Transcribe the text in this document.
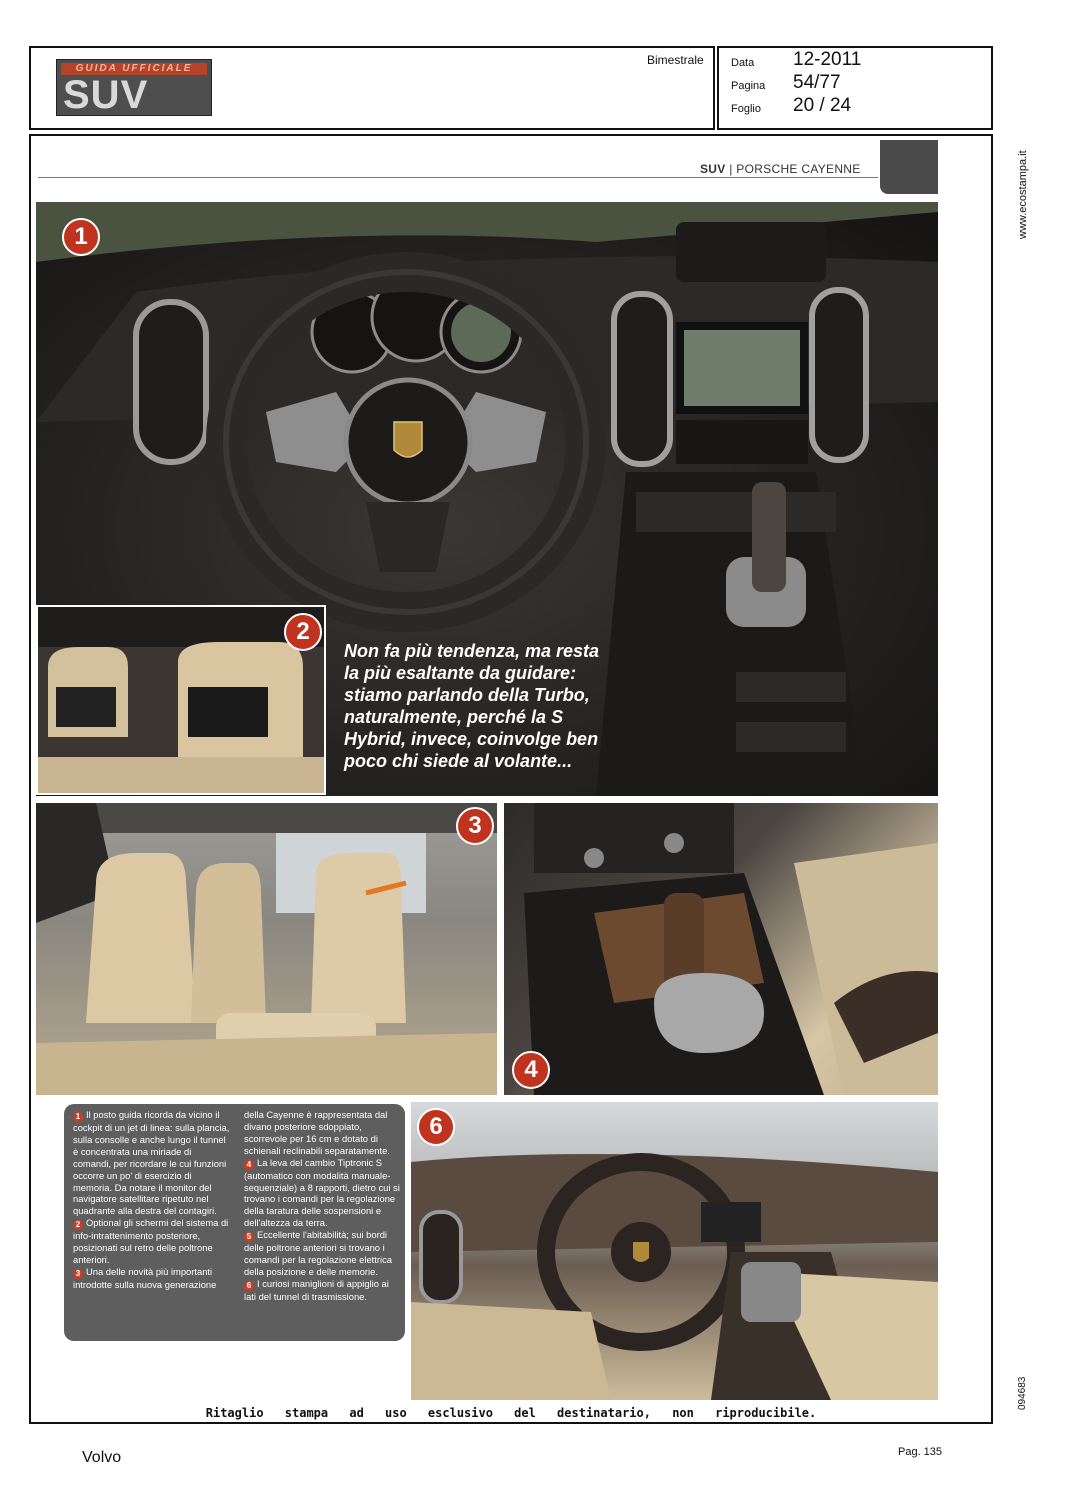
Data 12-2011
Pagina 54/77
Foglio 20 / 24
GUIDA UFFICIALE
SUV
Bimestrale
www.ecostampa.it
094683
SUV | PORSCHE CAYENNE
1
2
Non fa più tendenza, ma resta la più esaltante da guidare: stiamo parlando della Turbo, naturalmente, perché la S Hybrid, invece, coinvolge ben poco chi siede al volante...
3
4

1 Il posto guida ricorda da vicino il cockpit di un jet di linea: sulla plancia, sulla consolle e anche lungo il tunnel è concentrata una miriade di comandi, per ricordare le cui funzioni occorre un po' di esercizio di memoria. Da notare il monitor del navigatore satellitare ripetuto nel quadrante alla destra del contagiri.

2 Optional gli schermi del sistema di info-intrattenimento posteriore, posizionati sul retro delle poltrone anteriori.

3 Una delle novità più importanti introdotte sulla nuova generazione

della Cayenne è rappresentata dal divano posteriore sdoppiato, scorrevole per 16 cm e dotato di schienali reclinabili separatamente.

4 La leva del cambio Tiptronic S (automatico con modalità manuale-sequenziale) a 8 rapporti, dietro cui si trovano i comandi per la regolazione della taratura delle sospensioni e dell'altezza da terra.

5 Eccellente l'abitabilità; sui bordi delle poltrone anteriori si trovano i comandi per la regolazione elettrica della posizione e delle memorie.

6 I curiosi maniglioni di appiglio ai lati del tunnel di trasmissione.

6
Ritaglio stampa ad uso esclusivo del destinatario, non riproducibile.
Volvo	Pag. 135
